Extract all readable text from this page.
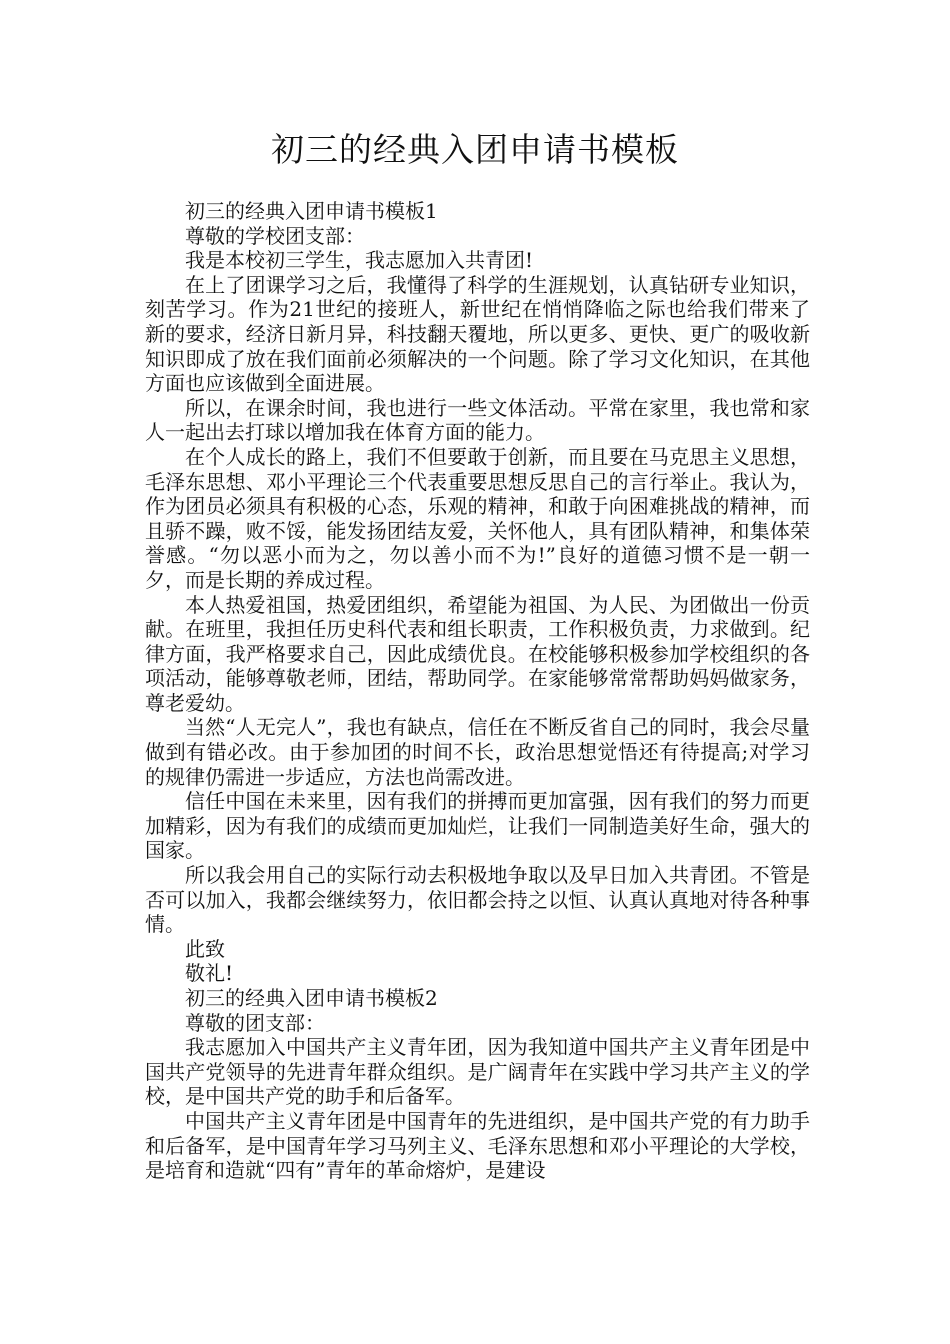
初三的经典入团申请书模板

初三的经典入团申请书模板1

尊敬的学校团支部：

我是本校初三学生，我志愿加入共青团!

在上了团课学习之后，我懂得了科学的生涯规划，认真钻研专业知识，刻苦学习。作为21世纪的接班人，新世纪在悄悄降临之际也给我们带来了新的要求，经济日新月异，科技翻天覆地，所以更多、更快、更广的吸收新知识即成了放在我们面前必须解决的一个问题。除了学习文化知识，在其他方面也应该做到全面进展。

所以，在课余时间，我也进行一些文体活动。平常在家里，我也常和家人一起出去打球以增加我在体育方面的能力。

在个人成长的路上，我们不但要敢于创新，而且要在马克思主义思想，毛泽东思想、邓小平理论三个代表重要思想反思自己的言行举止。我认为，作为团员必须具有积极的心态，乐观的精神，和敢于向困难挑战的精神，而且骄不躁，败不馁，能发扬团结友爱，关怀他人，具有团队精神，和集体荣誉感。“勿以恶小而为之，勿以善小而不为!”良好的道德习惯不是一朝一夕，而是长期的养成过程。

本人热爱祖国，热爱团组织，希望能为祖国、为人民、为团做出一份贡献。在班里，我担任历史科代表和组长职责，工作积极负责，力求做到。纪律方面，我严格要求自己，因此成绩优良。在校能够积极参加学校组织的各项活动，能够尊敬老师，团结，帮助同学。在家能够常常帮助妈妈做家务，尊老爱幼。

当然“人无完人”，我也有缺点，信任在不断反省自己的同时，我会尽量做到有错必改。由于参加团的时间不长，政治思想觉悟还有待提高;对学习的规律仍需进一步适应，方法也尚需改进。

信任中国在未来里，因有我们的拼搏而更加富强，因有我们的努力而更加精彩，因为有我们的成绩而更加灿烂，让我们一同制造美好生命，强大的国家。

所以我会用自己的实际行动去积极地争取以及早日加入共青团。不管是否可以加入，我都会继续努力，依旧都会持之以恒、认真认真地对待各种事情。

此致

敬礼!

初三的经典入团申请书模板2

尊敬的团支部：

我志愿加入中国共产主义青年团，因为我知道中国共产主义青年团是中国共产党领导的先进青年群众组织。是广阔青年在实践中学习共产主义的学校，是中国共产党的助手和后备军。

中国共产主义青年团是中国青年的先进组织，是中国共产党的有力助手和后备军，是中国青年学习马列主义、毛泽东思想和邓小平理论的大学校，是培育和造就“四有”青年的革命熔炉，是建设
